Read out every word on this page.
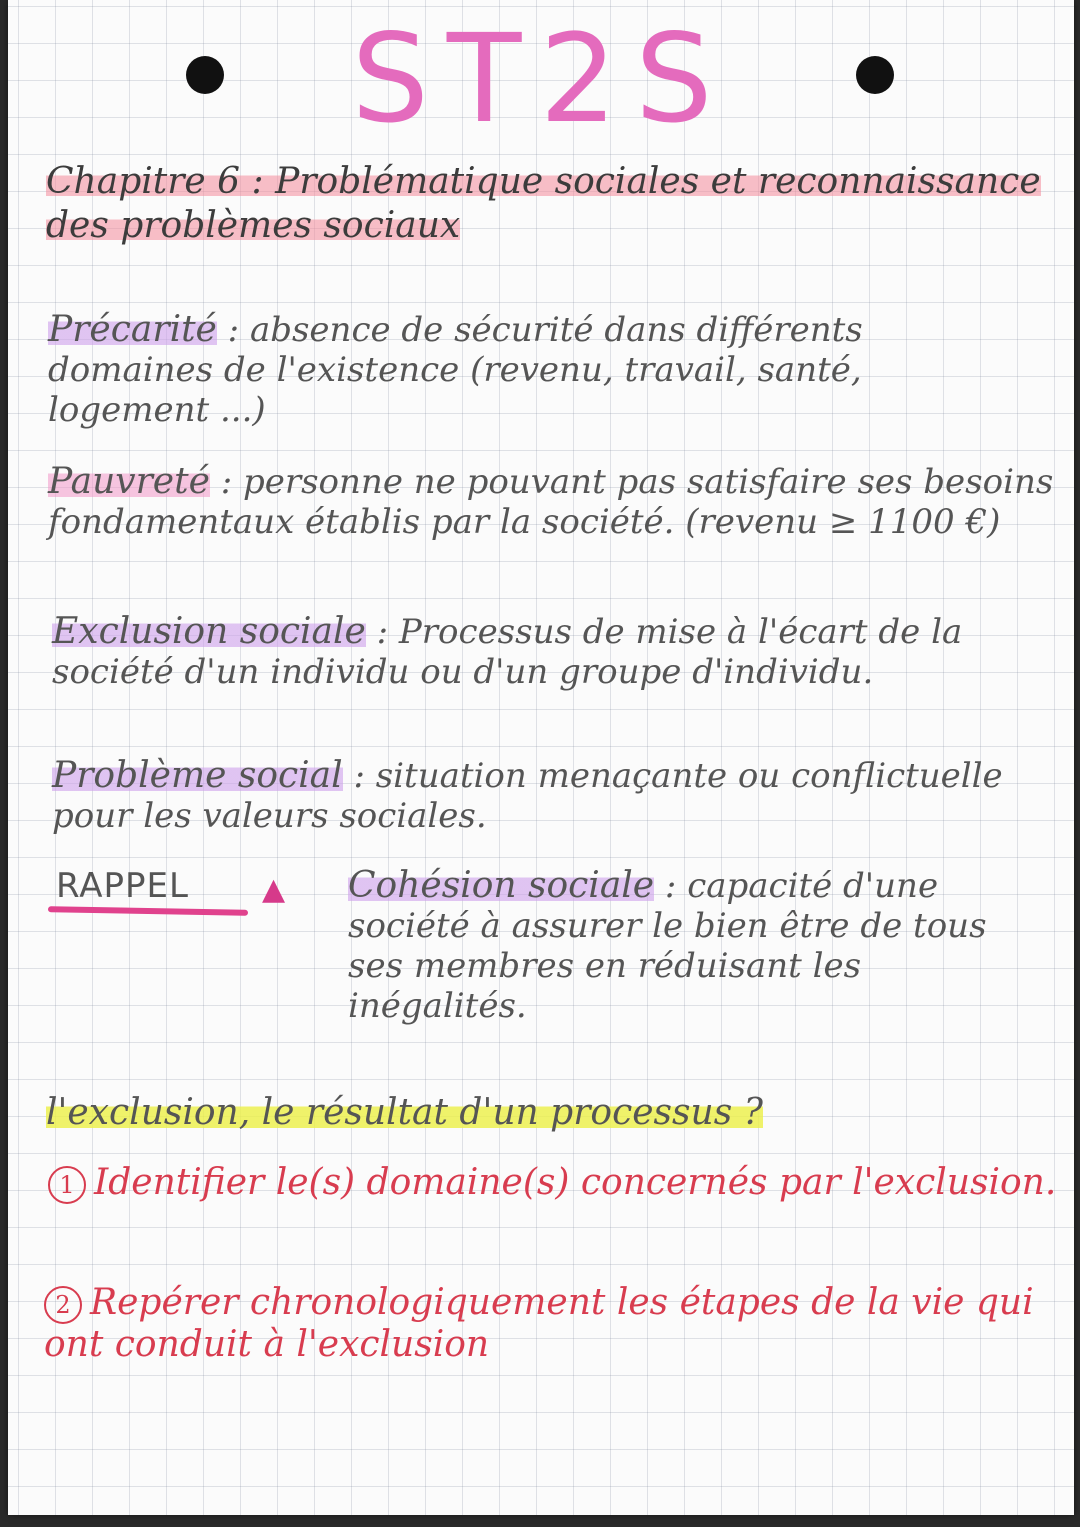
ST2S
Chapitre 6 : Problématique sociales et reconnaissance des problèmes sociaux
Précarité : absence de sécurité dans différents domaines de l'existence (revenu, travail, santé, logement ...)
Pauvreté : personne ne pouvant pas satisfaire ses besoins fondamentaux établis par la société. (revenu ≥ 1100 €)
Exclusion sociale : Processus de mise à l'écart de la société d'un individu ou d'un groupe d'individu.
Problème social : situation menaçante ou conflictuelle pour les valeurs sociales.
RAPPEL ▲ Cohésion sociale : capacité d'une société à assurer le bien être de tous ses membres en réduisant les inégalités.
l'exclusion, le résultat d'un processus ?
1 Identifier le(s) domaine(s) concernés par l'exclusion.
2 Repérer chronologiquement les étapes de la vie qui ont conduit à l'exclusion
